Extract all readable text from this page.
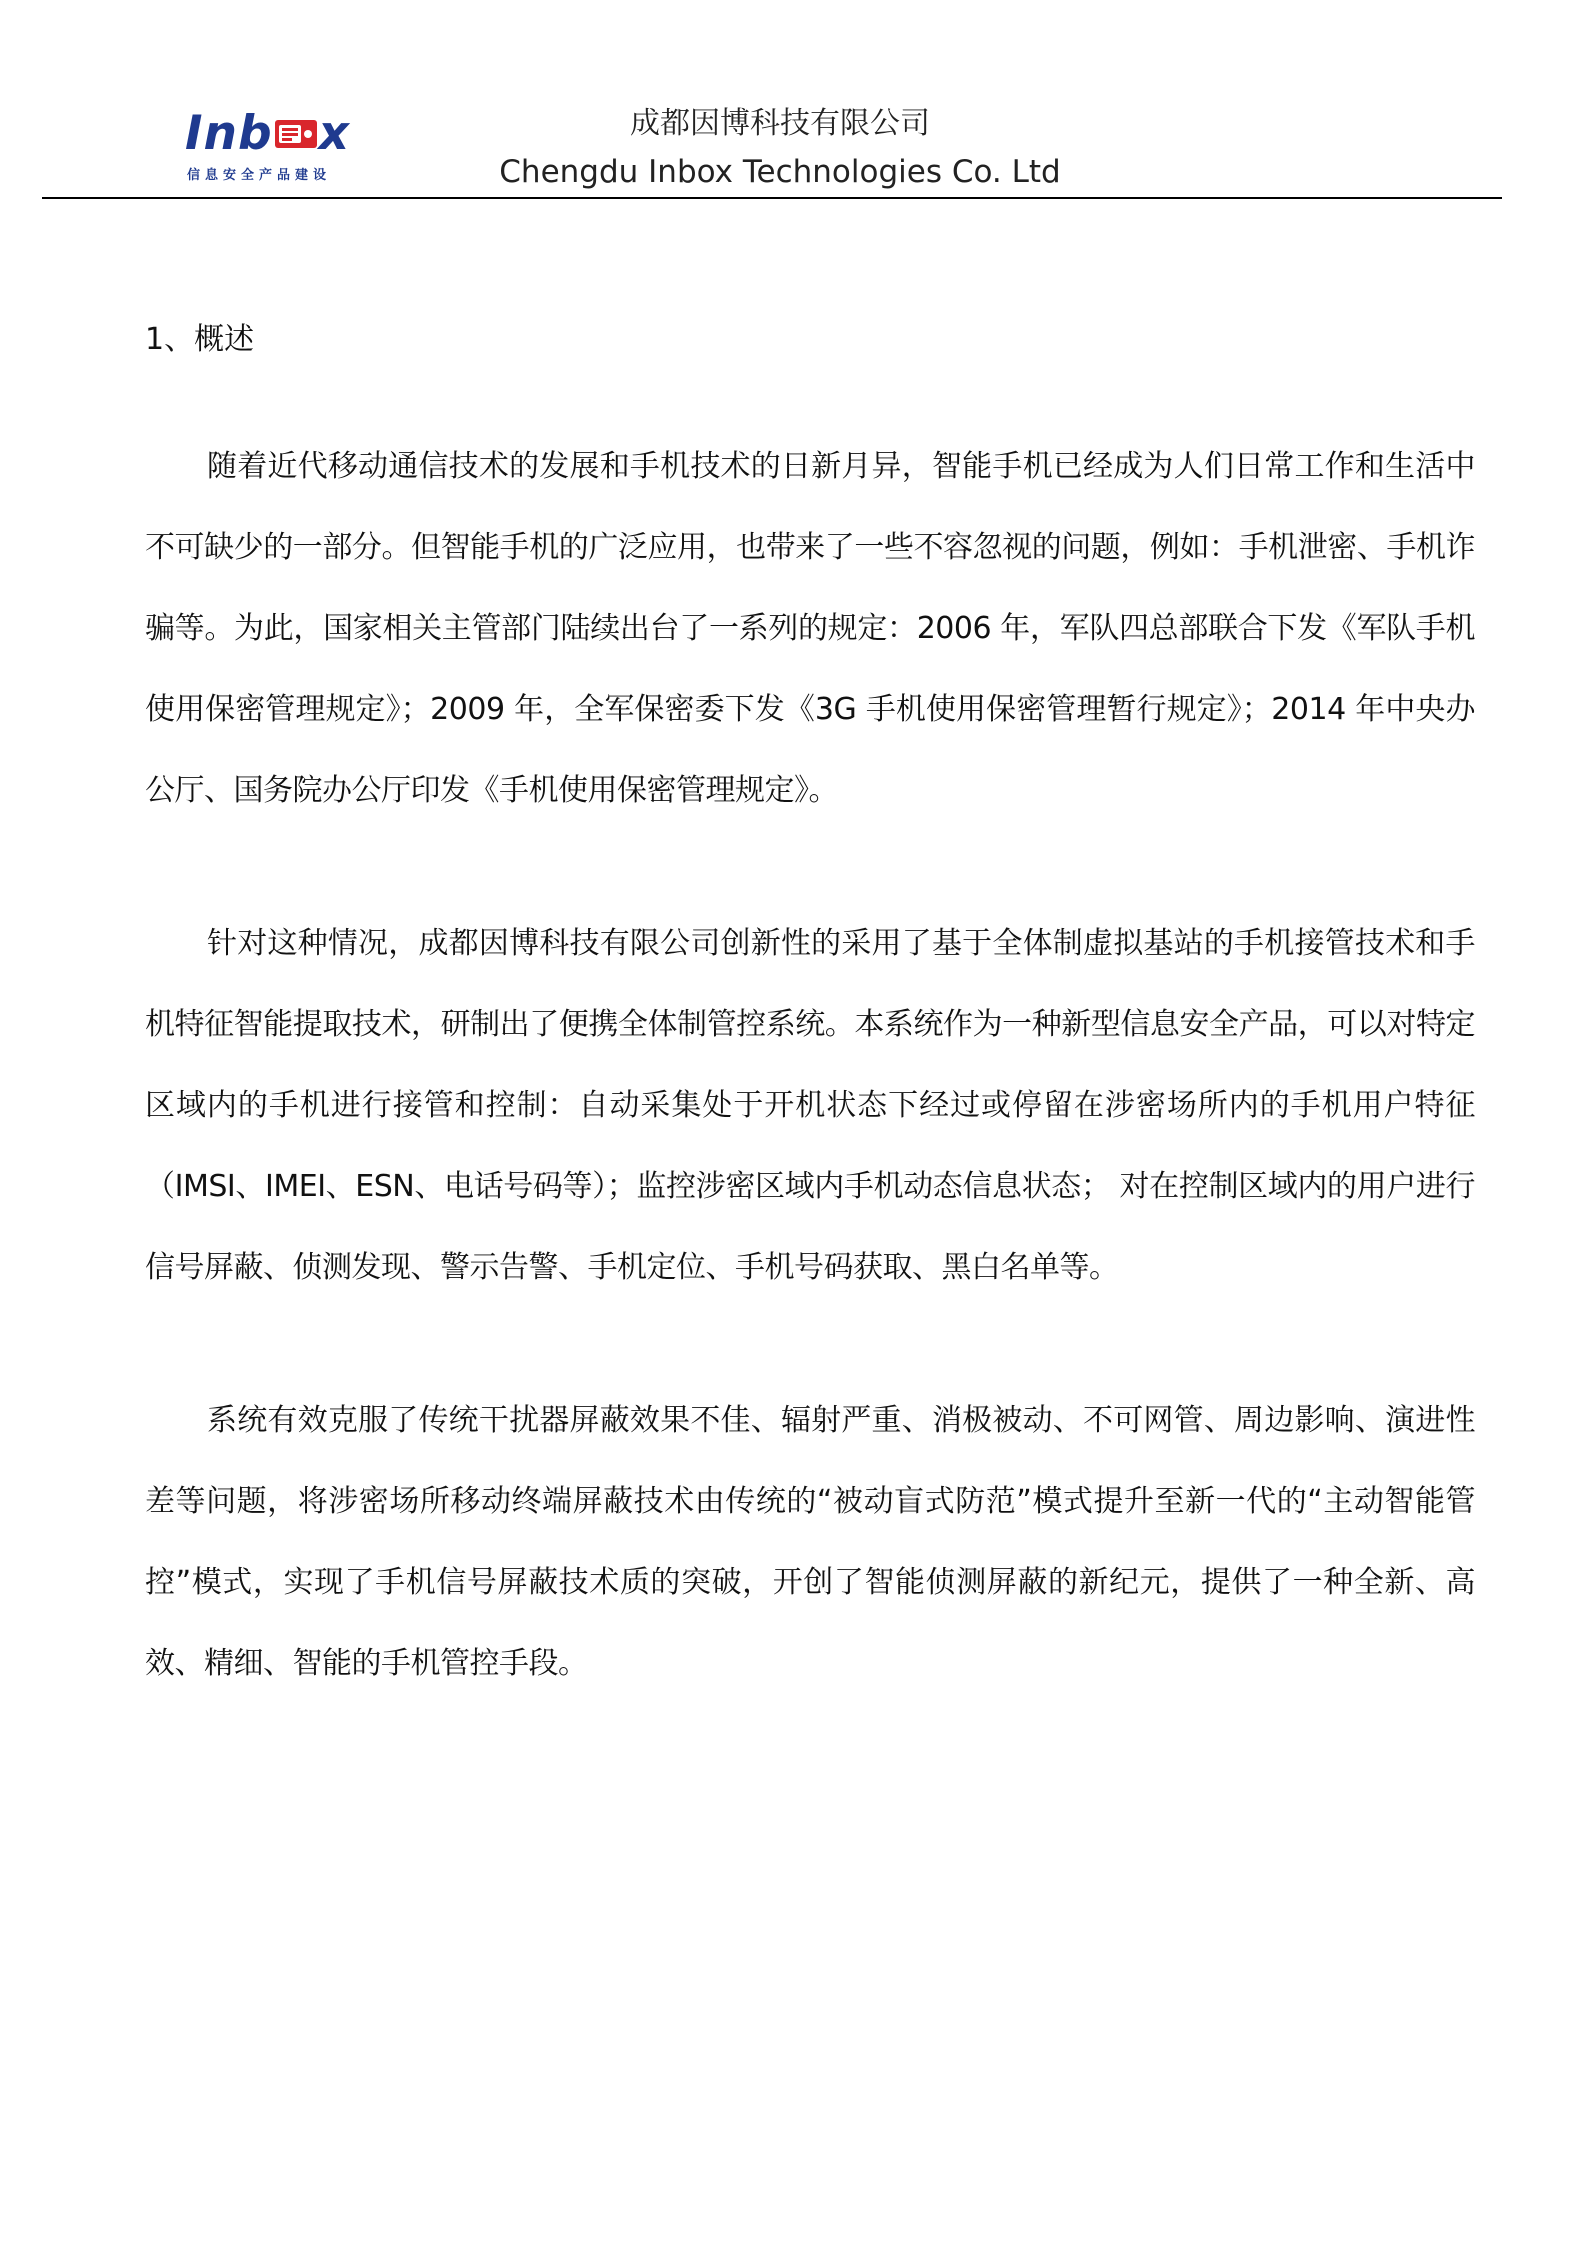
Inb x
信息安全产品建设
成都因博科技有限公司
Chengdu Inbox Technologies Co. Ltd
1、概述

随着近代移动通信技术的发展和手机技术的日新月异，智能手机已经成为人们日常工作和生活中不可缺少的一部分。但智能手机的广泛应用，也带来了一些不容忽视的问题，例如：手机泄密、手机诈骗等。为此，国家相关主管部门陆续出台了一系列的规定：2006 年，军队四总部联合下发《军队手机使用保密管理规定》；2009 年，全军保密委下发《3G 手机使用保密管理暂行规定》；2014 年中央办公厅、国务院办公厅印发《手机使用保密管理规定》。

针对这种情况，成都因博科技有限公司创新性的采用了基于全体制虚拟基站的手机接管技术和手机特征智能提取技术，研制出了便携全体制管控系统。本系统作为一种新型信息安全产品，可以对特定区域内的手机进行接管和控制：自动采集处于开机状态下经过或停留在涉密场所内的手机用户特征（IMSI、IMEI、ESN、电话号码等）；监控涉密区域内手机动态信息状态； 对在控制区域内的用户进行信号屏蔽、侦测发现、警示告警、手机定位、手机号码获取、黑白名单等。

系统有效克服了传统干扰器屏蔽效果不佳、辐射严重、消极被动、不可网管、周边影响、演进性差等问题，将涉密场所移动终端屏蔽技术由传统的“被动盲式防范”模式提升至新一代的“主动智能管控”模式，实现了手机信号屏蔽技术质的突破，开创了智能侦测屏蔽的新纪元，提供了一种全新、高效、精细、智能的手机管控手段。
